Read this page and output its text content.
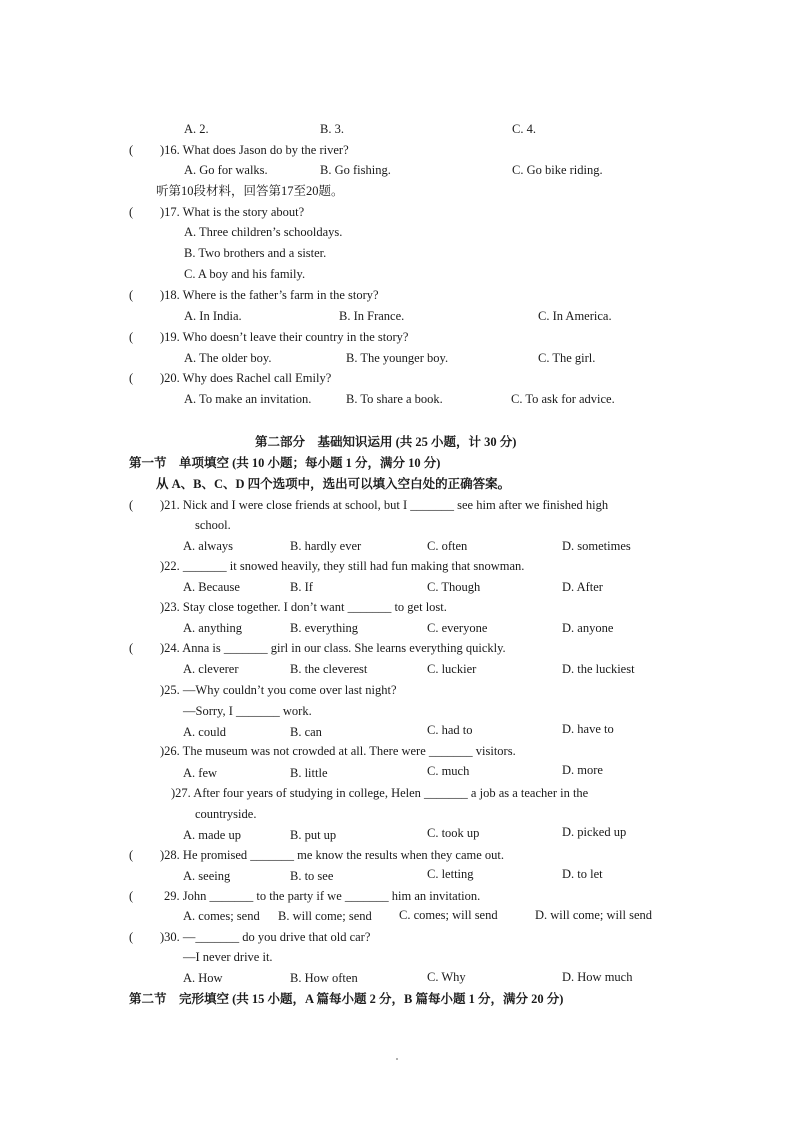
A. 2.	B. 3.	C. 4.
( )16. What does Jason do by the river?
A. Go for walks.	B. Go fishing.	C. Go bike riding.
听第10段材料，回答第17至20题。
( )17. What is the story about?
A. Three children’s schooldays.
B. Two brothers and a sister.
C. A boy and his family.
( )18. Where is the father’s farm in the story?
A. In India.	B. In France.	C. In America.
( )19. Who doesn’t leave their country in the story?
A. The older boy.	B. The younger boy.	C. The girl.
( )20. Why does Rachel call Emily?
A. To make an invitation.	B. To share a book.	C. To ask for advice.
第二部分　基础知识运用 (共 25 小题，计 30 分)
第一节　单项填空 (共 10 小题；每小题 1 分，满分 10 分)
从 A、B、C、D 四个选项中，选出可以填入空白处的正确答案。
( )21. Nick and I were close friends at school, but I _______ see him after we finished high
school.
A. always	B. hardly ever	C. often	D. sometimes
)22. _______ it snowed heavily, they still had fun making that snowman.
A. Because	B. If	C. Though	D. After
)23. Stay close together. I don’t want _______ to get lost.
A. anything	B. everything	C. everyone	D. anyone
( )24. Anna is _______ girl in our class. She learns everything quickly.
A. cleverer	B. the cleverest	C. luckier	D. the luckiest
)25. —Why couldn’t you come over last night?
—Sorry, I _______ work.
A. could	B. can	C. had to	D. have to
)26. The museum was not crowded at all. There were _______ visitors.
A. few	B. little	C. much	D. more
)27. After four years of studying in college, Helen _______ a job as a teacher in the
countryside.
A. made up	B. put up	C. took up	D. picked up
( )28. He promised _______ me know the results when they came out.
A. seeing	B. to see	C. letting	D. to let
( 29. John _______ to the party if we _______ him an invitation.
A. comes; send B. will come; send C. comes; will send	D. will come; will send
( )30. —_______ do you drive that old car?
—I never drive it.
A. How	B. How often	C. Why	D. How much
第二节　完形填空 (共 15 小题，A 篇每小题 2 分，B 篇每小题 1 分，满分 20 分)
